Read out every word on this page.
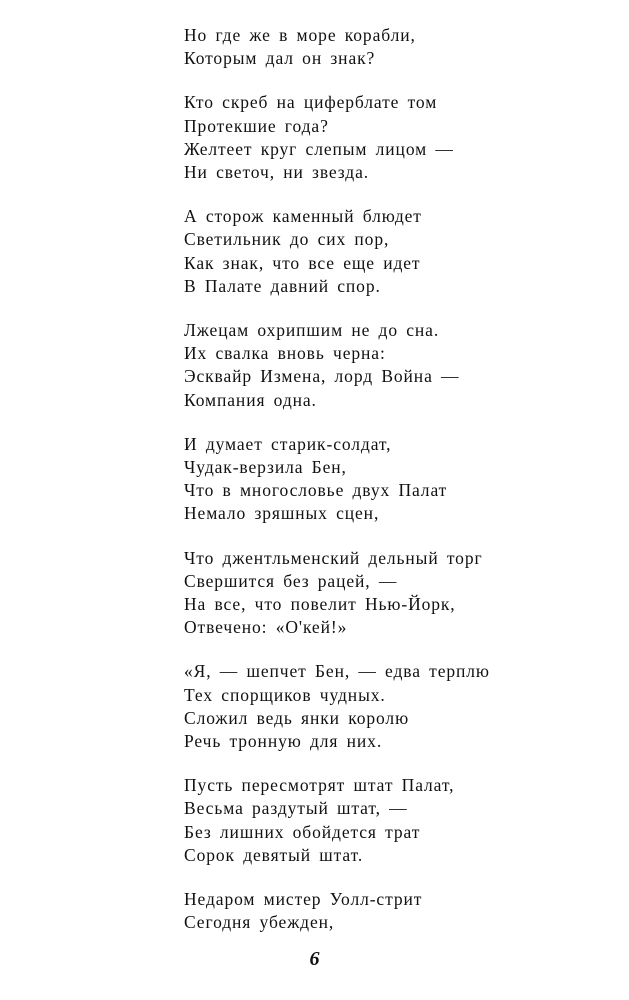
Но где же в море корабли,
Которым дал он знак?
Кто скреб на циферблате том
Протекшие года?
Желтеет круг слепым лицом —
Ни светоч, ни звезда.
А сторож каменный блюдет
Светильник до сих пор,
Как знак, что все еще идет
В Палате давний спор.
Лжецам охрипшим не до сна.
Их свалка вновь черна:
Эсквайр Измена, лорд Война —
Компания одна.
И думает старик-солдат,
Чудак-верзила Бен,
Что в многословье двух Палат
Немало зряшных сцен,
Что джентльменский дельный торг
Свершится без рацей, —
На все, что повелит Нью-Йорк,
Отвечено: «О'кей!»
«Я, — шепчет Бен, — едва терплю
Тех спорщиков чудных.
Сложил ведь янки королю
Речь тронную для них.
Пусть пересмотрят штат Палат,
Весьма раздутый штат, —
Без лишних обойдется трат
Сорок девятый штат.
Недаром мистер Уолл-стрит
Сегодня убежден,
6
